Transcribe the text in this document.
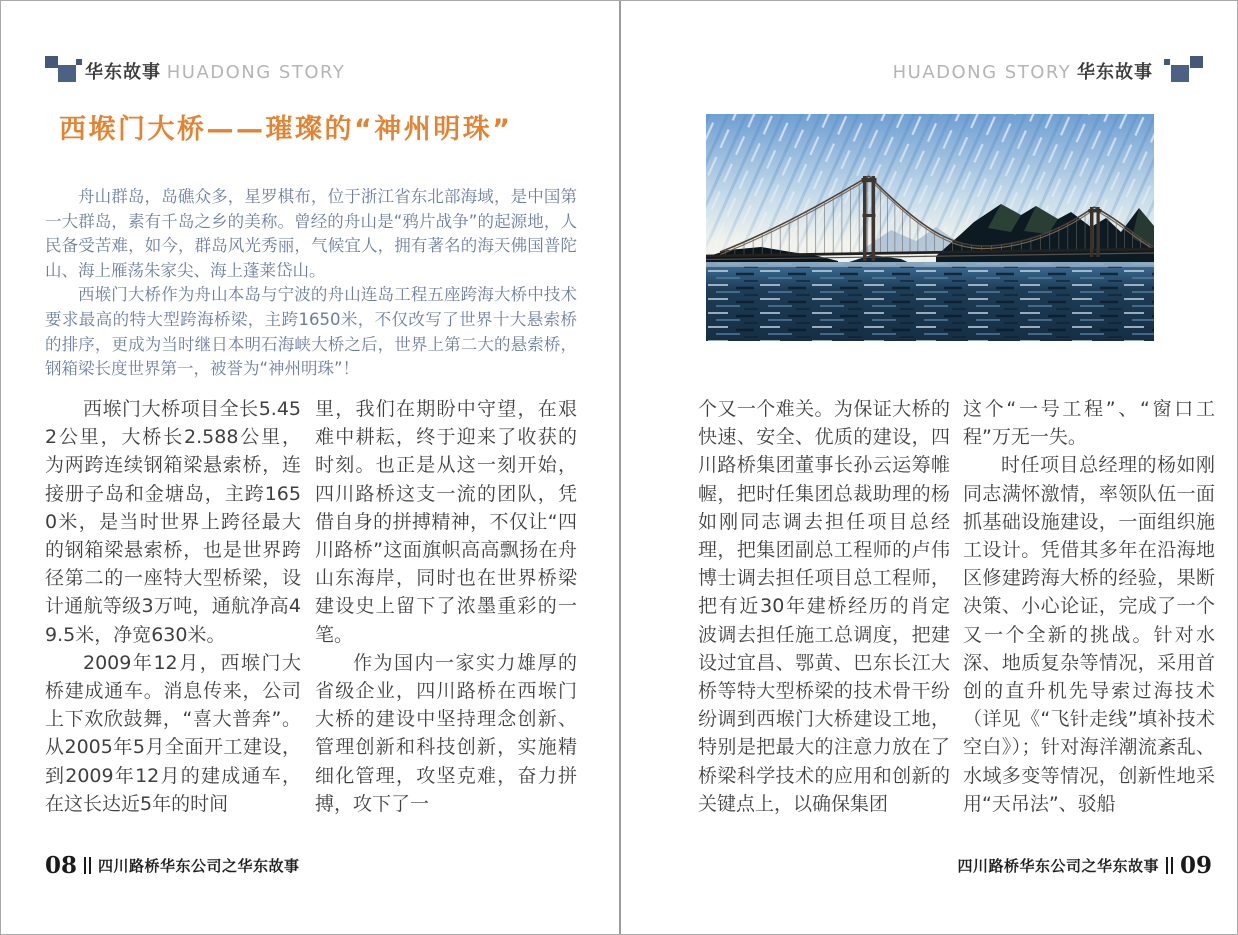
华东故事 HUADONG STORY
西堠门大桥——璀璨的“神州明珠”

舟山群岛，岛礁众多，星罗棋布，位于浙江省东北部海域，是中国第一大群岛，素有千岛之乡的美称。曾经的舟山是“鸦片战争”的起源地，人民备受苦难，如今，群岛风光秀丽，气候宜人，拥有著名的海天佛国普陀山、海上雁荡朱家尖、海上蓬莱岱山。

西堠门大桥作为舟山本岛与宁波的舟山连岛工程五座跨海大桥中技术要求最高的特大型跨海桥梁，主跨1650米，不仅改写了世界十大悬索桥的排序，更成为当时继日本明石海峡大桥之后，世界上第二大的悬索桥，钢箱梁长度世界第一，被誉为“神州明珠”！

西堠门大桥项目全长5.452公里，大桥长2.588公里，为两跨连续钢箱梁悬索桥，连接册子岛和金塘岛，主跨1650米，是当时世界上跨径最大的钢箱梁悬索桥，也是世界跨径第二的一座特大型桥梁，设计通航等级3万吨，通航净高49.5米，净宽630米。

2009年12月，西堠门大桥建成通车。消息传来，公司上下欢欣鼓舞，“喜大普奔”。从2005年5月全面开工建设，到2009年12月的建成通车，在这长达近5年的时间

里，我们在期盼中守望，在艰难中耕耘，终于迎来了收获的时刻。也正是从这一刻开始，四川路桥这支一流的团队，凭借自身的拼搏精神，不仅让“四川路桥”这面旗帜高高飘扬在舟山东海岸，同时也在世界桥梁建设史上留下了浓墨重彩的一笔。

作为国内一家实力雄厚的省级企业，四川路桥在西堠门大桥的建设中坚持理念创新、管理创新和科技创新，实施精细化管理，攻坚克难，奋力拼搏，攻下了一

08 四川路桥华东公司之华东故事
HUADONG STORY 华东故事

个又一个难关。为保证大桥的快速、安全、优质的建设，四川路桥集团董事长孙云运筹帷幄，把时任集团总裁助理的杨如刚同志调去担任项目总经理，把集团副总工程师的卢伟博士调去担任项目总工程师，把有近30年建桥经历的肖定波调去担任施工总调度，把建设过宜昌、鄂黄、巴东长江大桥等特大型桥梁的技术骨干纷纷调到西堠门大桥建设工地，特别是把最大的注意力放在了桥梁科学技术的应用和创新的关键点上，以确保集团

这个“一号工程”、“窗口工程”万无一失。

时任项目总经理的杨如刚同志满怀激情，率领队伍一面抓基础设施建设，一面组织施工设计。凭借其多年在沿海地区修建跨海大桥的经验，果断决策、小心论证，完成了一个又一个全新的挑战。针对水深、地质复杂等情况，采用首创的直升机先导索过海技术（详见《“飞针走线”填补技术空白》）；针对海洋潮流紊乱、水域多变等情况，创新性地采用“天吊法”、驳船

四川路桥华东公司之华东故事 09
